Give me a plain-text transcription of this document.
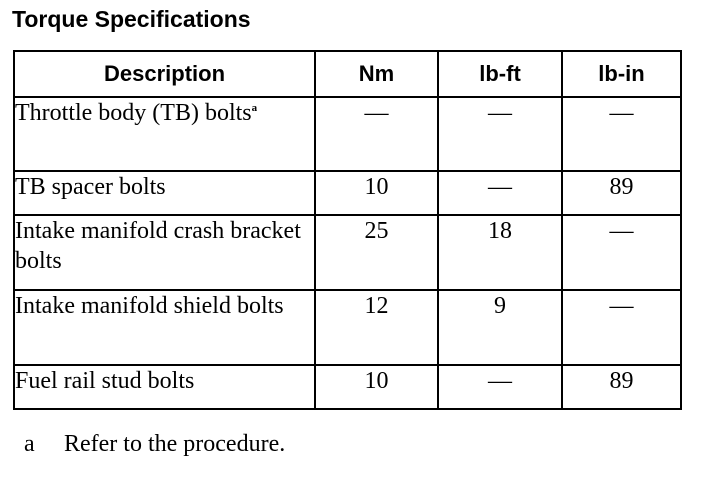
Torque Specifications
Description	Nm	lb-ft	lb-in
Throttle body (TB) bolts$^a$	—	—	—
TB spacer bolts	10	—	89
Intake manifold crash bracket bolts	25	18	—
Intake manifold shield bolts	12	9	—
Fuel rail stud bolts	10	—	89
a Refer to the procedure.
